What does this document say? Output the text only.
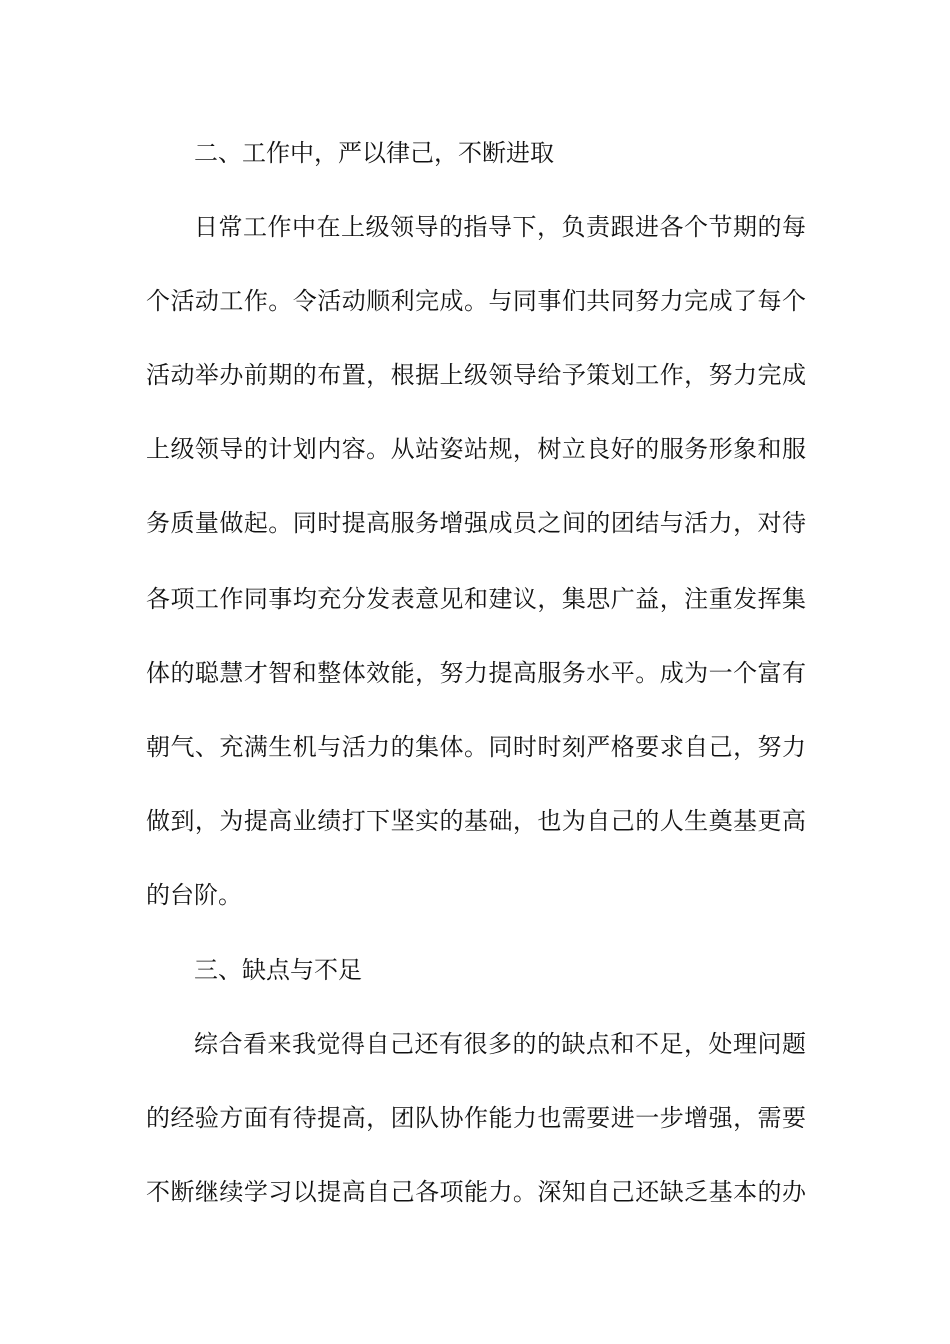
二、工作中，严以律己，不断进取
日常工作中在上级领导的指导下，负责跟进各个节期的每
个活动工作。令活动顺利完成。与同事们共同努力完成了每个
活动举办前期的布置，根据上级领导给予策划工作，努力完成
上级领导的计划内容。从站姿站规，树立良好的服务形象和服
务质量做起。同时提高服务增强成员之间的团结与活力，对待
各项工作同事均充分发表意见和建议，集思广益，注重发挥集
体的聪慧才智和整体效能，努力提高服务水平。成为一个富有
朝气、充满生机与活力的集体。同时时刻严格要求自己，努力
做到，为提高业绩打下坚实的基础，也为自己的人生奠基更高
的台阶。
三、缺点与不足
综合看来我觉得自己还有很多的的缺点和不足，处理问题
的经验方面有待提高，团队协作能力也需要进一步增强，需要
不断继续学习以提高自己各项能力。深知自己还缺乏基本的办
